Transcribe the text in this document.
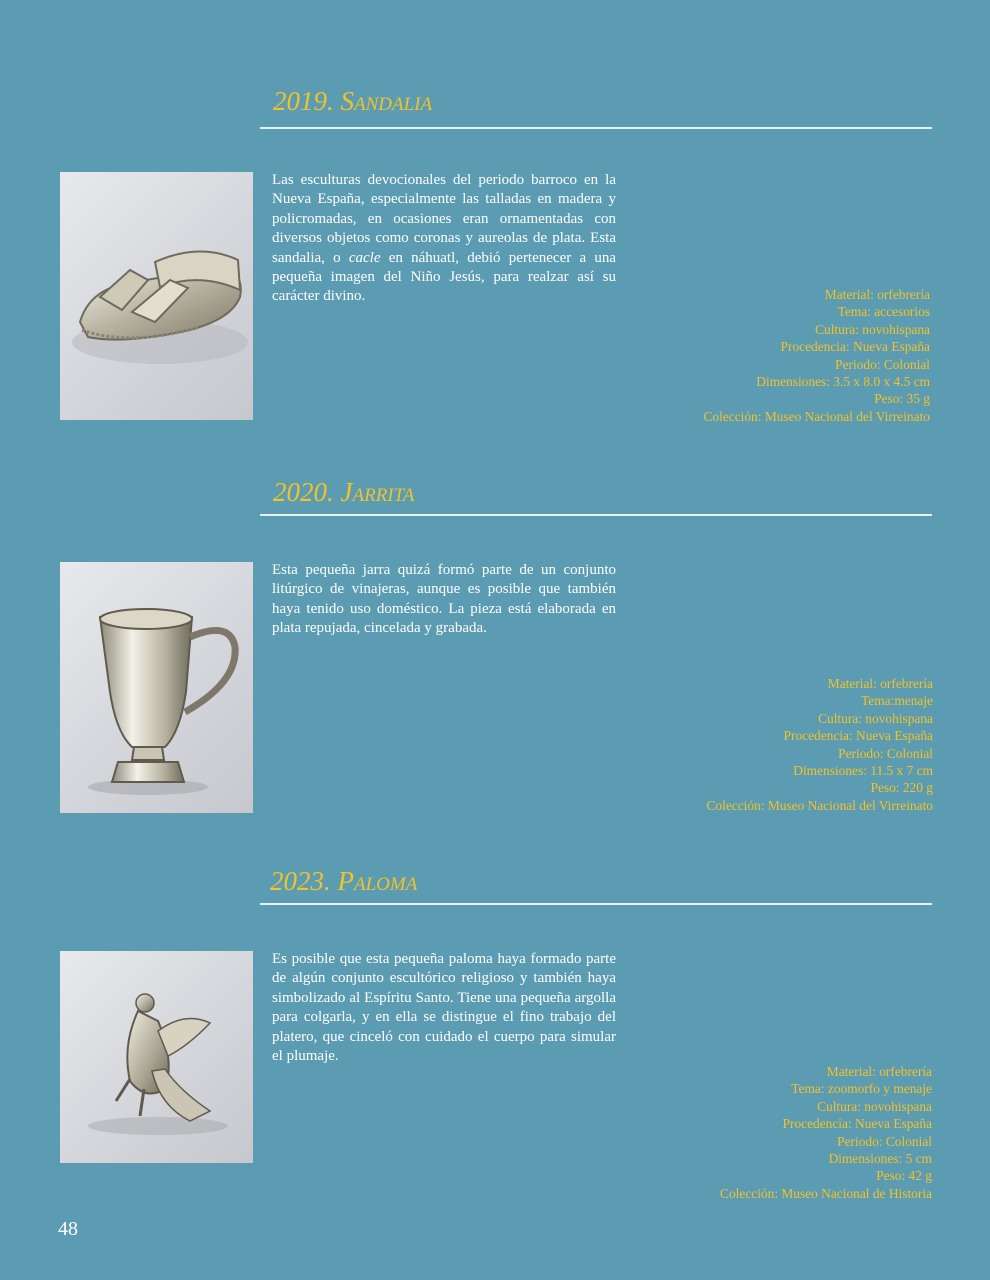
2019. Sandalia

Las esculturas devocionales del periodo barroco en la Nueva España, especialmente las talladas en madera y policromadas, en ocasiones eran ornamentadas con diversos objetos como coronas y aureolas de plata. Esta sandalia, o cacle en náhuatl, debió pertenecer a una pequeña imagen del Niño Jesús, para realzar así su carácter divino.	Material: orfebrería
Tema: accesorios
Cultura: novohispana
Procedencia: Nueva España
Periodo: Colonial
Dimensiones: 3.5 x 8.0 x 4.5 cm
Peso: 35 g
Colección: Museo Nacional del Virreinato
2020. Jarrita

Esta pequeña jarra quizá formó parte de un conjunto litúrgico de vinajeras, aunque es posible que también haya tenido uso doméstico. La pieza está elaborada en plata repujada, cincelada y grabada.

Material: orfebrería
Tema:menaje
Cultura: novohispana
Procedencia: Nueva España
Periodo: Colonial
Dimensiones: 11.5 x 7 cm
Peso: 220 g
Colección: Museo Nacional del Virreinato
2023. Paloma

Es posible que esta pequeña paloma haya formado parte de algún conjunto escultórico religioso y también haya simbolizado al Espíritu Santo. Tiene una pequeña argolla para colgarla, y en ella se distingue el fino trabajo del platero, que cinceló con cuidado el cuerpo para simular el plumaje.

Material: orfebrería
Tema: zoomorfo y menaje
Cultura: novohispana
Procedencia: Nueva España
Periodo: Colonial
Dimensiones: 5 cm
Peso: 42 g
Colección: Museo Nacional de Historia
48
